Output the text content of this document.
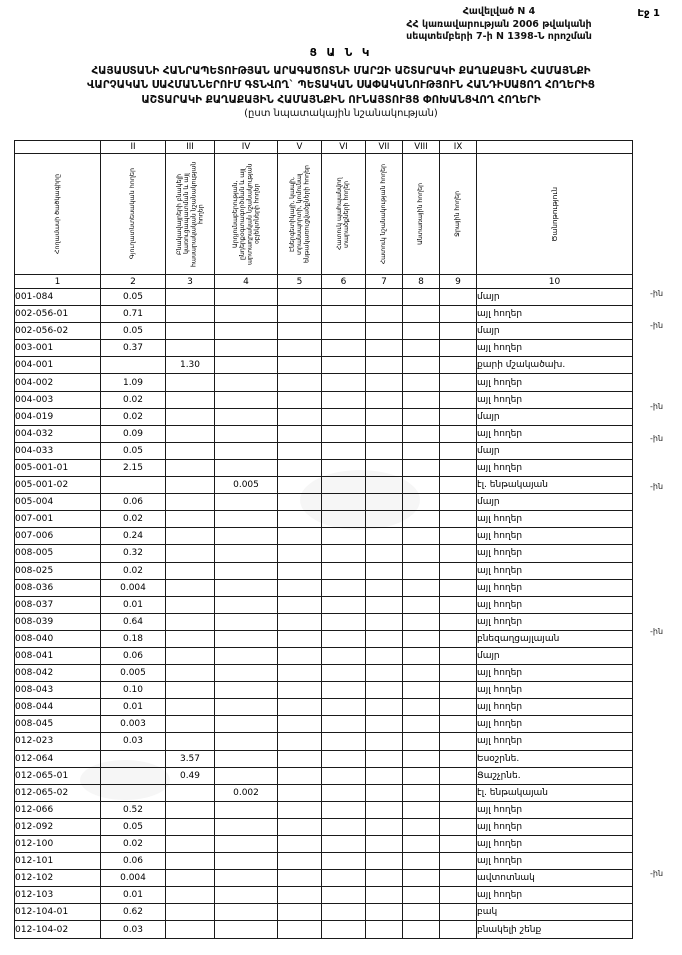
Հավելված N 4
ՀՀ կառավարության 2006 թվականի
սեպտեմբերի 7-ի N 1398-Ն որոշման
Էջ 1
Ց Ա Ն Կ
ՀԱՅԱՍՏԱՆԻ ՀԱՆՐԱՊԵՏՈՒԹՅԱՆ ԱՐԱԳԱԾՈՏՆԻ ՄԱՐԶԻ ԱՇՏԱՐԱԿԻ ՔԱՂԱՔԱՅԻՆ ՀԱՄԱՅՆՔԻ
ՎԱՐՉԱԿԱՆ ՍԱՀՄԱՆՆԵՐՈՒՄ ԳՏՆՎՈՂ` ՊԵՏԱԿԱՆ ՍԱՓԱԿԱՆՈՒԹՅՈՒՆ ՀԱՆԴԻՍԱՑՈՂ ՀՈՂԵՐԻՑ
ԱՇՏԱՐԱԿԻ ՔԱՂԱՔԱՅԻՆ ՀԱՄԱՅՆՔԻՆ ՈՒՆԱՅՏՈՒՅՑ ՓՈԽԱՆՑՎՈՂ ՀՈՂԵՐԻ
(ըստ նպատակային նշանակության)
	II	III	IV	V	VI	VII	VIII	IX	

Հողամասի ծածկագիրը	Գյուղատնտեսական հողեր	Բնակավայրերի բնակելի կառուցապատման և այլ հասարակական նշանակության հողեր	Արդյունաբերության, ընդերքօգտագործման և այլ արտադրական նշանակության օբյեկտների հողեր	Էներգետիկայի, կապի, տրանսպորտի, կոմունալ ենթակառուցվածքների հողեր	Հատուկ պահպանվող տարածքների հողեր	Հատուկ նշանակության հողեր	Անտառային հողեր	Ջրային հողեր	Ծանոթություն

1	2	3	4	5	6	7	8	9	10
001-084	0.05								մայր
002-056-01	0.71								այլ հողեր
002-056-02	0.05								մայր
003-001	0.37								այլ հողեր
004-001		1.30							քարի մշակածախ.
004-002	1.09								այլ հողեր
004-003	0.02								այլ հողեր
004-019	0.02								մայր
004-032	0.09								այլ հողեր
004-033	0.05								մայր
005-001-01	2.15								այլ հողեր
005-001-02			0.005						էլ. ենթակայան
005-004	0.06								մայր
007-001	0.02								այլ հողեր
007-006	0.24								այլ հողեր
008-005	0.32								այլ հողեր
008-025	0.02								այլ հողեր
008-036	0.004								այլ հողեր
008-037	0.01								այլ հողեր
008-039	0.64								այլ հողեր
008-040	0.18								բնեզաղցայլայան
008-041	0.06								մայր
008-042	0.005								այլ հողեր
008-043	0.10								այլ հողեր
008-044	0.01								այլ հողեր
008-045	0.003								այլ հողեր
012-023	0.03								այլ հողեր
012-064		3.57							Եսօշրնե.
012-065-01		0.49							Ցաշչրնե.
012-065-02			0.002						էլ. ենթակայան
012-066	0.52								այլ հողեր
012-092	0.05								այլ հողեր
012-100	0.02								այլ հողեր
012-101	0.06								այլ հողեր
012-102	0.004								ավտոտնակ
012-103	0.01								այլ հողեր
012-104-01	0.62								բակ
012-104-02	0.03								բնակելի շենք
-ին
-ին
-ին
-ին
-ին
-ին
-ին
